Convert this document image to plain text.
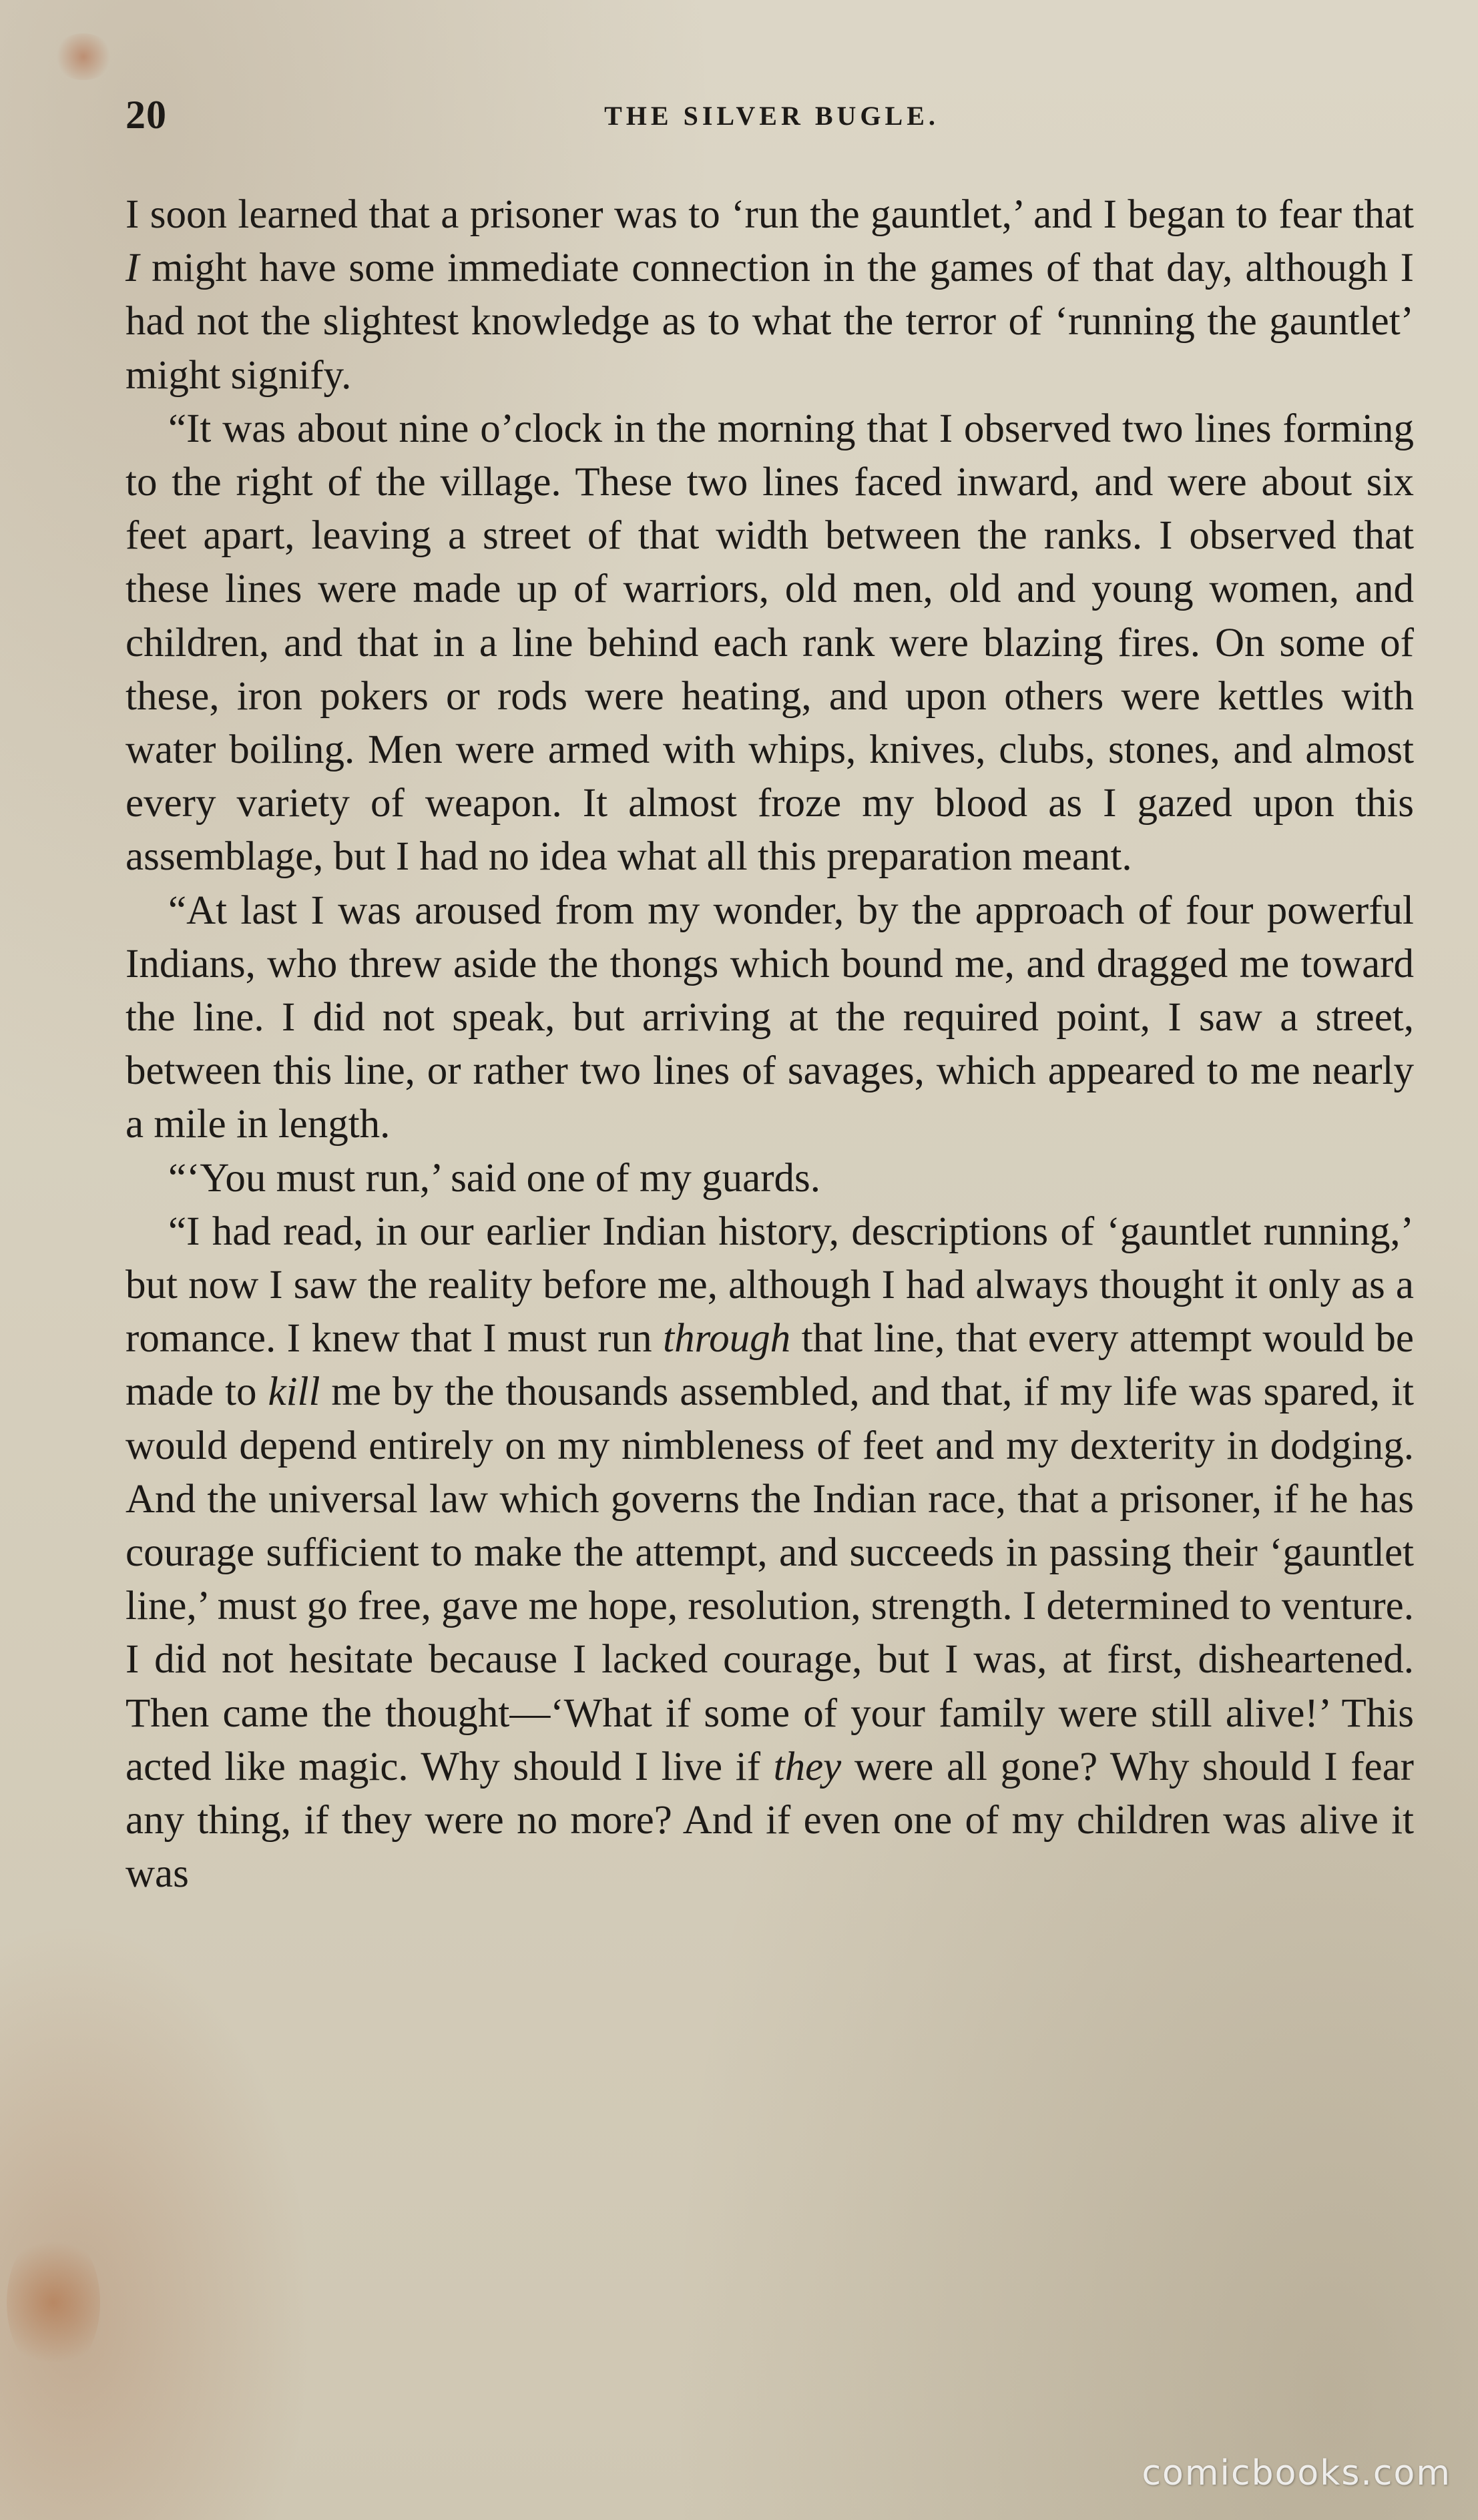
20	THE SILVER BUGLE.

I soon learned that a prisoner was to ‘run the gauntlet,’ and I began to fear that I might have some immediate connection in the games of that day, although I had not the slightest knowledge as to what the terror of ‘running the gauntlet’ might signify.

“It was about nine o’clock in the morning that I observed two lines forming to the right of the village. These two lines faced inward, and were about six feet apart, leaving a street of that width between the ranks. I observed that these lines were made up of warriors, old men, old and young women, and children, and that in a line behind each rank were blazing fires. On some of these, iron pokers or rods were heating, and upon others were kettles with water boiling. Men were armed with whips, knives, clubs, stones, and almost every variety of weapon. It almost froze my blood as I gazed upon this assemblage, but I had no idea what all this preparation meant.

“At last I was aroused from my wonder, by the approach of four powerful Indians, who threw aside the thongs which bound me, and dragged me toward the line. I did not speak, but arriving at the required point, I saw a street, between this line, or rather two lines of savages, which appeared to me nearly a mile in length.

“‘You must run,’ said one of my guards.

“I had read, in our earlier Indian history, descriptions of ‘gauntlet running,’ but now I saw the reality before me, although I had always thought it only as a romance. I knew that I must run through that line, that every attempt would be made to kill me by the thousands assembled, and that, if my life was spared, it would depend entirely on my nimbleness of feet and my dexterity in dodging. And the universal law which governs the Indian race, that a prisoner, if he has courage sufficient to make the attempt, and succeeds in passing their ‘gauntlet line,’ must go free, gave me hope, resolution, strength. I determined to venture. I did not hesitate because I lacked courage, but I was, at first, disheartened. Then came the thought—‘What if some of your family were still alive!’ This acted like magic. Why should I live if they were all gone? Why should I fear any thing, if they were no more? And if even one of my children was alive it was

comicbooks.com
